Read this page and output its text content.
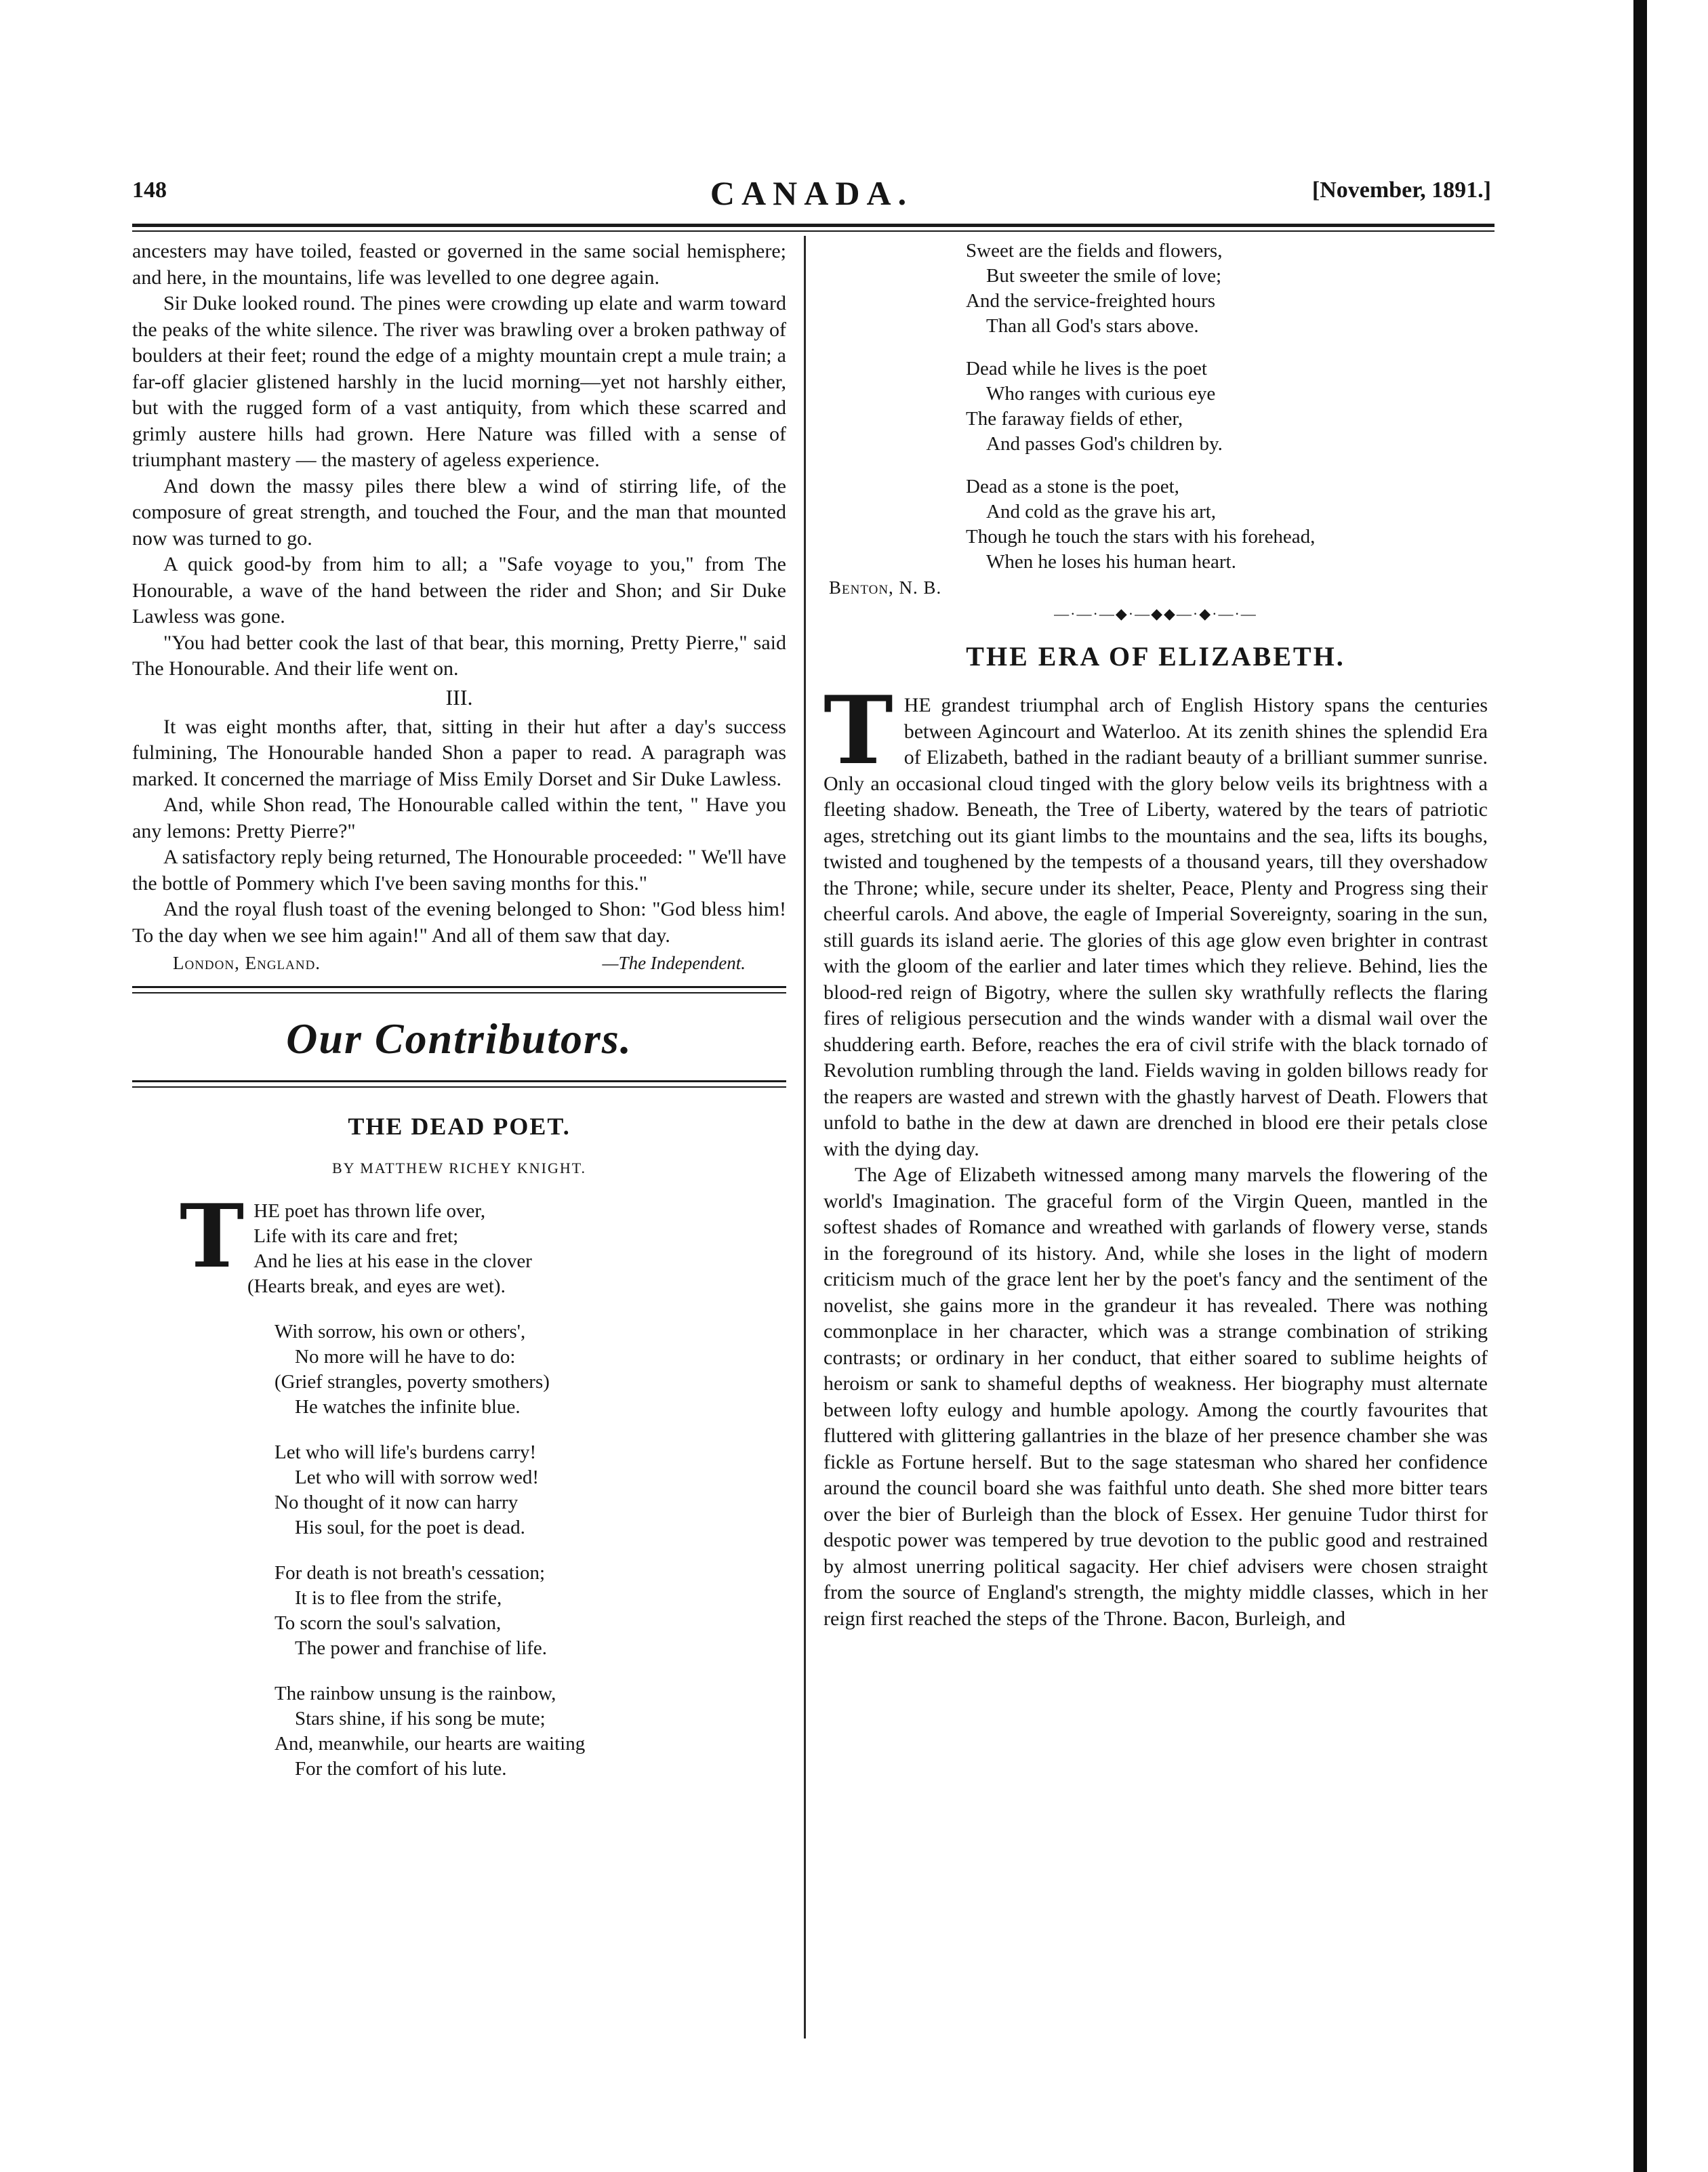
148	CANADA.	[November, 1891.]

ancesters may have toiled, feasted or governed in the same social hemisphere; and here, in the mountains, life was levelled to one degree again.

Sir Duke looked round. The pines were crowding up elate and warm toward the peaks of the white silence. The river was brawling over a broken pathway of boulders at their feet; round the edge of a mighty mountain crept a mule train; a far-off glacier glistened harshly in the lucid morning—yet not harshly either, but with the rugged form of a vast antiquity, from which these scarred and grimly austere hills had grown. Here Nature was filled with a sense of triumphant mastery — the mastery of ageless experience.

And down the massy piles there blew a wind of stirring life, of the composure of great strength, and touched the Four, and the man that mounted now was turned to go.

A quick good-by from him to all; a "Safe voyage to you," from The Honourable, a wave of the hand between the rider and Shon; and Sir Duke Lawless was gone.

"You had better cook the last of that bear, this morning, Pretty Pierre," said The Honourable. And their life went on.

III.

It was eight months after, that, sitting in their hut after a day's success fulmining, The Honourable handed Shon a paper to read. A paragraph was marked. It concerned the marriage of Miss Emily Dorset and Sir Duke Lawless.

And, while Shon read, The Honourable called within the tent, " Have you any lemons: Pretty Pierre?"

A satisfactory reply being returned, The Honourable proceeded: " We'll have the bottle of Pommery which I've been saving months for this."

And the royal flush toast of the evening belonged to Shon: "God bless him! To the day when we see him again!" And all of them saw that day.

London, England.	—The Independent.
Our Contributors.
THE DEAD POET.
BY MATTHEW RICHEY KNIGHT.
T HE poet has thrown life over,
Life with its care and fret;
And he lies at his ease in the clover
(Hearts break, and eyes are wet).
With sorrow, his own or others',
No more will he have to do:
(Grief strangles, poverty smothers)
He watches the infinite blue.
Let who will life's burdens carry!
Let who will with sorrow wed!
No thought of it now can harry
His soul, for the poet is dead.
For death is not breath's cessation;
It is to flee from the strife,
To scorn the soul's salvation,
The power and franchise of life.
The rainbow unsung is the rainbow,
Stars shine, if his song be mute;
And, meanwhile, our hearts are waiting
For the comfort of his lute.
Sweet are the fields and flowers,
But sweeter the smile of love;
And the service-freighted hours
Than all God's stars above.
Dead while he lives is the poet
Who ranges with curious eye
The faraway fields of ether,
And passes God's children by.
Dead as a stone is the poet,
And cold as the grave his art,
Though he touch the stars with his forehead,
When he loses his human heart.
Benton, N. B.
—·—·—◆·—◆◆—·◆·—·—
THE ERA OF ELIZABETH.
T HE grandest triumphal arch of English History spans the centuries between Agincourt and Waterloo. At its zenith shines the splendid Era of Elizabeth, bathed in the radiant beauty of a brilliant summer sunrise. Only an occasional cloud tinged with the glory below veils its brightness with a fleeting shadow. Beneath, the Tree of Liberty, watered by the tears of patriotic ages, stretching out its giant limbs to the mountains and the sea, lifts its boughs, twisted and toughened by the tempests of a thousand years, till they overshadow the Throne; while, secure under its shelter, Peace, Plenty and Progress sing their cheerful carols. And above, the eagle of Imperial Sovereignty, soaring in the sun, still guards its island aerie. The glories of this age glow even brighter in contrast with the gloom of the earlier and later times which they relieve. Behind, lies the blood-red reign of Bigotry, where the sullen sky wrathfully reflects the flaring fires of religious persecution and the winds wander with a dismal wail over the shuddering earth. Before, reaches the era of civil strife with the black tornado of Revolution rumbling through the land. Fields waving in golden billows ready for the reapers are wasted and strewn with the ghastly harvest of Death. Flowers that unfold to bathe in the dew at dawn are drenched in blood ere their petals close with the dying day.

The Age of Elizabeth witnessed among many marvels the flowering of the world's Imagination. The graceful form of the Virgin Queen, mantled in the softest shades of Romance and wreathed with garlands of flowery verse, stands in the foreground of its history. And, while she loses in the light of modern criticism much of the grace lent her by the poet's fancy and the sentiment of the novelist, she gains more in the grandeur it has revealed. There was nothing commonplace in her character, which was a strange combination of striking contrasts; or ordinary in her conduct, that either soared to sublime heights of heroism or sank to shameful depths of weakness. Her biography must alternate between lofty eulogy and humble apology. Among the courtly favourites that fluttered with glittering gallantries in the blaze of her presence chamber she was fickle as Fortune herself. But to the sage statesman who shared her confidence around the council board she was faithful unto death. She shed more bitter tears over the bier of Burleigh than the block of Essex. Her genuine Tudor thirst for despotic power was tempered by true devotion to the public good and restrained by almost unerring political sagacity. Her chief advisers were chosen straight from the source of England's strength, the mighty middle classes, which in her reign first reached the steps of the Throne. Bacon, Burleigh, and
